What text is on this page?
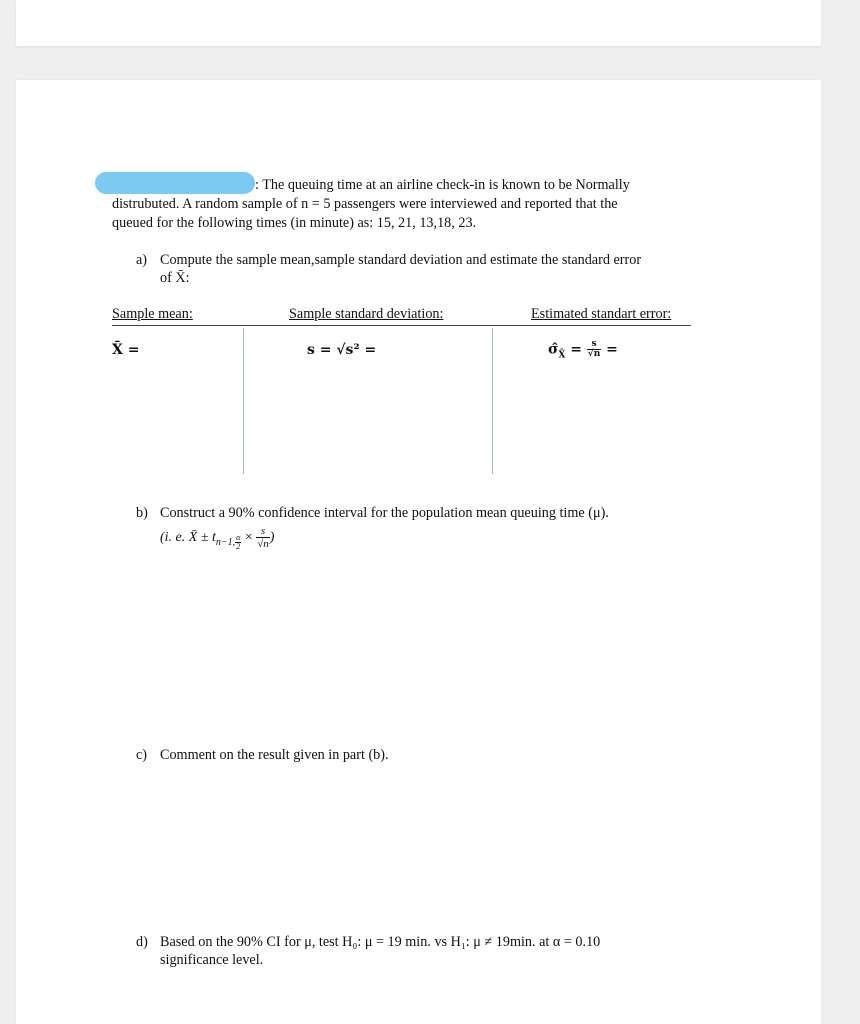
: The queuing time at an airline check-in is known to be Normally
distrubuted. A random sample of n = 5 passengers were interviewed and reported that the
queued for the following times (in minute) as: 15, 21, 13,18, 23.
a) Compute the sample mean,sample standard deviation and estimate the standard error
of X̄:
Sample mean:	Sample standard deviation:	Estimated standart error:
X̄ =	s = √s² =	$\sigmâ_{X̄} = \frac{s}{√n}$ =
b) Construct a 90% confidence interval for the population mean queuing time (μ).
(i. e. X̄ ± $t_{n-1,} \frac{\alpha}{2} \times \frac{s}{√n}$ )
c) Comment on the result given in part (b).
d) Based on the 90% CI for μ, test H₀: μ = 19 min. vs H₁: μ ≠ 19min. at α = 0.10
significance level.
